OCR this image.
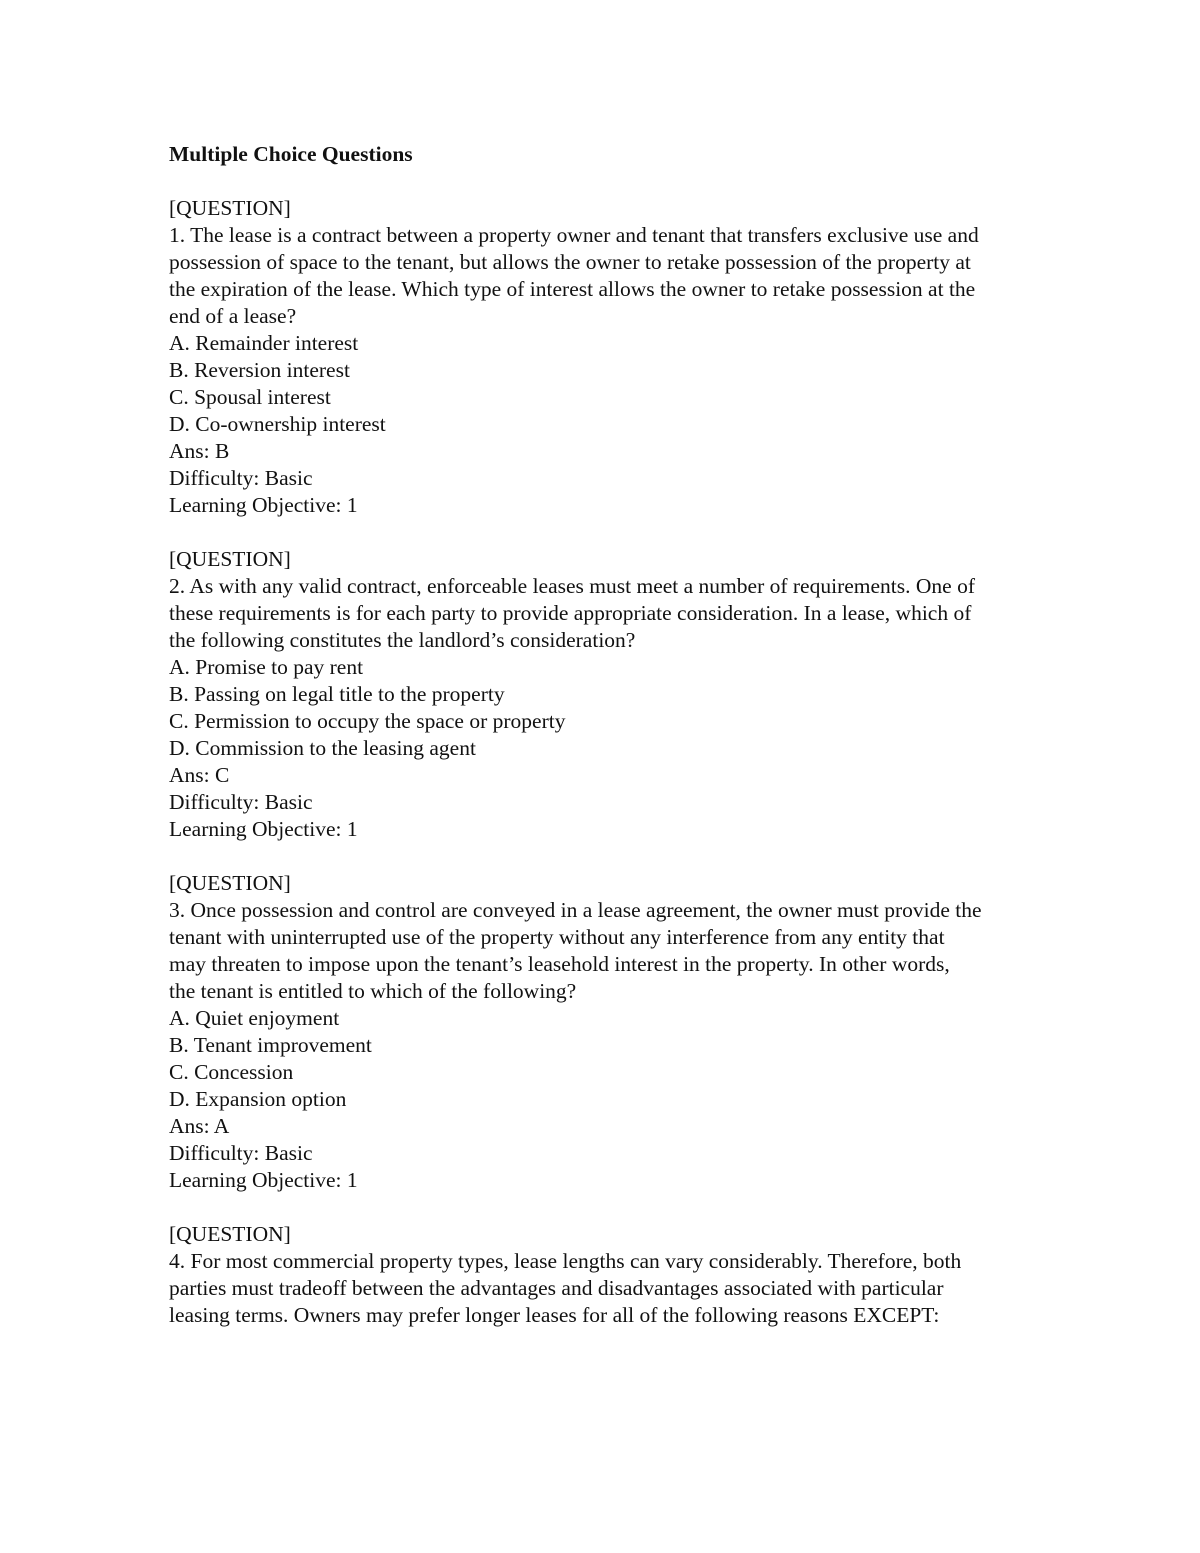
Multiple Choice Questions
[QUESTION]
1. The lease is a contract between a property owner and tenant that transfers exclusive use and
possession of space to the tenant, but allows the owner to retake possession of the property at
the expiration of the lease. Which type of interest allows the owner to retake possession at the
end of a lease?
A. Remainder interest
B. Reversion interest
C. Spousal interest
D. Co-ownership interest
Ans: B
Difficulty: Basic
Learning Objective: 1
[QUESTION]
2. As with any valid contract, enforceable leases must meet a number of requirements. One of
these requirements is for each party to provide appropriate consideration. In a lease, which of
the following constitutes the landlord’s consideration?
A. Promise to pay rent
B. Passing on legal title to the property
C. Permission to occupy the space or property
D. Commission to the leasing agent
Ans: C
Difficulty: Basic
Learning Objective: 1
[QUESTION]
3. Once possession and control are conveyed in a lease agreement, the owner must provide the
tenant with uninterrupted use of the property without any interference from any entity that
may threaten to impose upon the tenant’s leasehold interest in the property. In other words,
the tenant is entitled to which of the following?
A. Quiet enjoyment
B. Tenant improvement
C. Concession
D. Expansion option
Ans: A
Difficulty: Basic
Learning Objective: 1
[QUESTION]
4. For most commercial property types, lease lengths can vary considerably. Therefore, both
parties must tradeoff between the advantages and disadvantages associated with particular
leasing terms. Owners may prefer longer leases for all of the following reasons EXCEPT:
